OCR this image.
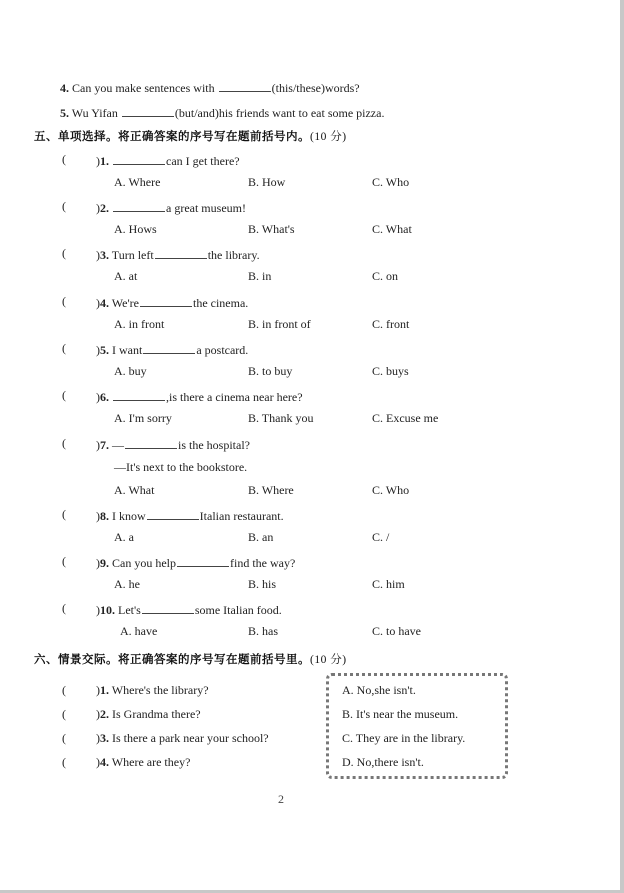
4. Can you make sentences with	(this/these)words?
5. Wu Yifan	(but/and)his friends want to eat some pizza.
五、单项选择。将正确答案的序号写在题前括号内。(10 分)
(	)1.	can I get there?
A. Where	B. How	C. Who
(	)2.	a great museum!
A. Hows	B. What's	C. What
(	)3. Turn left	the library.
A. at	B. in	C. on
(	)4. We're	the cinema.
A. in front	B. in front of	C. front
(	)5. I want	a postcard.
A. buy	B. to buy	C. buys
(	)6.	,is there a cinema near here?
A. I'm sorry	B. Thank you	C. Excuse me
(	)7. —	is the hospital?
—It's next to the bookstore.
A. What	B. Where	C. Who
(	)8. I know	Italian restaurant.
A. a	B. an	C. /
(	)9. Can you help	find the way?
A. he	B. his	C. him
(	)10. Let's	some Italian food.
A. have	B. has	C. to have
六、情景交际。将正确答案的序号写在题前括号里。(10 分)
(	)1. Where's the library?
(	)2. Is Grandma there?
(	)3. Is there a park near your school?
(	)4. Where are they?
A. No,she isn't.
B. It's near the museum.
C. They are in the library.
D. No,there isn't.
2
